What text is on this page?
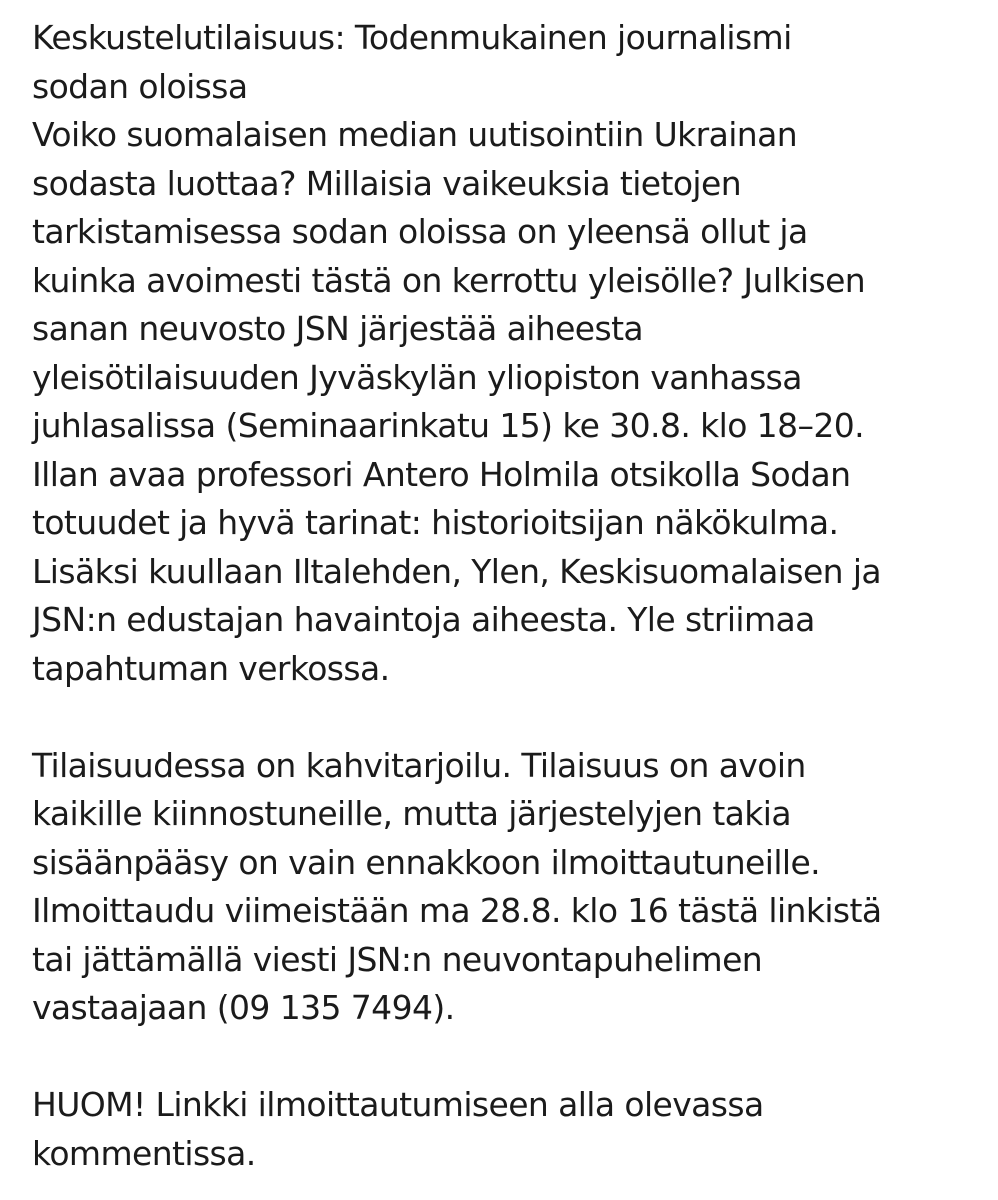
Keskustelutilaisuus: Todenmukainen journalismi
sodan oloissa
Voiko suomalaisen median uutisointiin Ukrainan
sodasta luottaa? Millaisia vaikeuksia tietojen
tarkistamisessa sodan oloissa on yleensä ollut ja
kuinka avoimesti tästä on kerrottu yleisölle? Julkisen
sanan neuvosto JSN järjestää aiheesta
yleisötilaisuuden Jyväskylän yliopiston vanhassa
juhlasalissa (Seminaarinkatu 15) ke 30.8. klo 18–20.
Illan avaa professori Antero Holmila otsikolla Sodan
totuudet ja hyvä tarinat: historioitsijan näkökulma.
Lisäksi kuullaan Iltalehden, Ylen, Keskisuomalaisen ja
JSN:n edustajan havaintoja aiheesta. Yle striimaa
tapahtuman verkossa.
Tilaisuudessa on kahvitarjoilu. Tilaisuus on avoin
kaikille kiinnostuneille, mutta järjestelyjen takia
sisäänpääsy on vain ennakkoon ilmoittautuneille.
Ilmoittaudu viimeistään ma 28.8. klo 16 tästä linkistä
tai jättämällä viesti JSN:n neuvontapuhelimen
vastaajaan (09 135 7494).
HUOM! Linkki ilmoittautumiseen alla olevassa
kommentissa.
